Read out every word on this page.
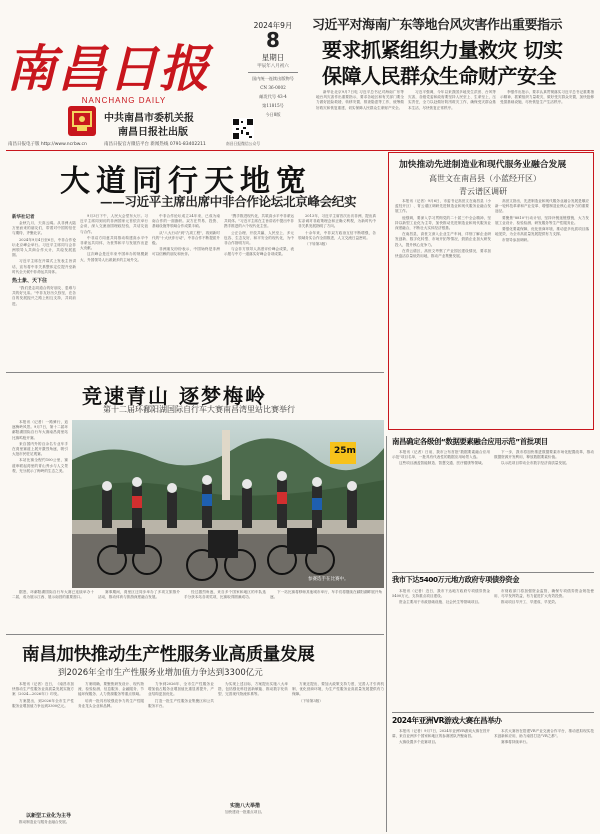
南昌日报
NANCHANG DAILY
中共南昌市委机关报
南昌日报社出版
南昌日报电子版 http://www.ncrbw.cn	南昌日报官方微信平台 新闻热线 0791-83402211
2024年9月
8
星期日
甲辰年八月初六
国内统一连续出版物号
CN 36-0002
邮发代号 43-4
第11815号
今日8版
南昌日报微信公众号
习近平对海南广东等地台风灾害作出重要指示
要求抓紧组织力量救灾 切实
保障人民群众生命财产安全
新华社北京9月7日电 习近平总书记对海南广东等地台风灾害作出重要指示，要求各地区和有关部门要全力做好抢险救援、转移安置、排查隐患等工作，统筹做好救灾和恢复重建，切实保障人民群众生命财产安全。
习近平强调，今年以来我国多地发生洪涝、台风等灾害，各级党委和政府要坚持人民至上、生命至上，压实责任，全力以赴做好防汛救灾工作，确保受灾群众基本生活，尽快恢复正常秩序。
李强作出批示，要求认真贯彻落实习近平总书记重要指示精神，抓紧组织力量救灾，做好受灾群众安置，加快抢修受损基础设施，尽快恢复生产生活秩序。
大道同行天地宽
——习近平主席出席中非合作论坛北京峰会纪实
新华社记者
金秋九月，天高云阔。从非洲大陆万里而来的朋友们，带着对中国的信任与期待，齐聚北京。
2024年9月4日至6日，中非合作论坛北京峰会举行。习近平主席同与会非洲领导人共商合作大计，共绘发展蓝图。
习近平主席在开幕式上发表主旨讲话，宣布将中非关系整体定位提升至新时代全天候中非命运共同体。
热土象、天下往
"我们是志同道合的好朋友、患难与共的好兄弟。"中非友好历久弥坚，在各自的发展振兴之路上相互支持，共同前进。
9月3日下午，人民大会堂东大厅。习近平主席同到访的非洲国家元首依次举行会谈，深入交流治国理政经验，共话友谊与合作。
中非双方同意共同推动构建高水平中非命运共同体，为世界和平与发展作出更大贡献。
这次峰会是近年来中国举办的规模最大、外国领导人出席最多的主场外交。
中非合作论坛成立24年来，已成为南南合作的一面旗帜。双方在贸易、投资、基础设施等领域合作成果丰硕。
从"八大行动"到"九项工程"，再到新时代的"十大伙伴行动"，中非合作不断提质升级。
非洲朋友纷纷表示，中国始终是非洲可以信赖的朋友和伙伴。
"携手推进现代化，共筑高水平中非命运共同体。"习近平主席在主旨讲话中提出中非携手推进的六个现代化主张。
公正合理、开放共赢、人民至上、多元包容、生态友好、和平安全的现代化，为中非合作指明方向。
与会非方领导人高度评价峰会成果，表示愿与中方一道落实好峰会各项成果。
2013年，习近平主席首次出访非洲，提出真实亲诚对非政策理念和正确义利观，为新时代中非关系发展指明了方向。
十余年来，中非双方政治互信不断增强，各领域务实合作全面推进，人文交流日益密切。
（下转第3版）
加快推动先进制造业和现代服务业融合发展
高世文在南昌县（小蓝经开区）
青云谱区调研
本报讯（记者）9月6日，市委书记高世文在南昌县（小蓝经开区）、青云谱区调研先进制造业和现代服务业融合发展工作。
他强调，要深入学习贯彻党的二十届三中全会精神，坚持以新型工业化为主导，加快推动先进制造业和现代服务业深度融合，不断壮大实体经济根基。
在南昌县，高世文深入企业生产车间，详细了解企业研发创新、数字化转型、市场开拓等情况，鼓励企业加大研发投入，提升核心竞争力。
在青云谱区，高世文考察了产业园区建设情况，要求加快盘活存量低效用地，推动产业集聚发展。
高世文指出，先进制造业和现代服务业融合发展是顺应新一轮科技革命和产业变革、增强制造业核心竞争力的重要途径。
要聚焦"8810"行动计划，坚持补链延链强链，大力发展工业设计、检验检测、研发服务等生产性服务业。
要强化要素保障，优化营商环境，推动更多优质项目落地见效，为全市高质量发展提供有力支撑。
市领导参加调研。
竞速青山 逐梦梅岭
第十二届环鄱阳湖国际自行车大赛南昌湾里站比赛举行
本报讯（记者）一路骑行，追逐梅岭风景。9月7日，第十二届环鄱阳湖国际自行车大赛南昌湾里站比赛鸣枪开赛。
来自国内外的百余名专业车手在湾里赛道上展开激烈角逐，吸引大批市民驻足观赛。
本站比赛全程约100公里，赛道串联起湾里的青山秀水与人文景观，充分展示了梅岭的生态之美。
25m
参赛选手在比赛中。
据悉，环鄱阳湖国际自行车大赛已连续举办十二届，成为展示江西、展示南昌的重要窗口。
赛事期间，湾里区还同步举办了多项文旅推介活动，推动体育与旅游深度融合发展。
经过激烈角逐，来自多个国家和地区的车队选手分获本站各项奖项，比赛取得圆满成功。
下一站比赛将移师其他城市举行，车手们将继续在鄱阳湖畔展开角逐。
南昌加快推动生产性服务业高质量发展
到2026年全市生产性服务业增加值力争达到3300亿元
本报讯（记者）近日，《南昌市加快推动生产性服务业高质量发展实施方案（2024—2026年）》印发。
方案提出，到2026年全市生产性服务业增加值力争达到3300亿元。
以新型工业化为主导
推动制造业与服务业融合发展。
方案明确，要聚焦研发设计、现代物流、检验检测、信息服务、金融服务、节能环保服务、人力资源服务等重点领域。
培育一批具有较强竞争力的生产性服务业龙头企业和品牌。
力争到2026年，全市生产性服务业增加值占服务业增加值比重显著提升，产业结构更加优化。
打造一批生产性服务业集聚区和公共服务平台。
为实现上述目标，方案提出实施八大举措，包括强化科技创新赋能、推动数字化转型、完善现代物流体系等。
实施八大举措
加快建设一批重点项目。
方案还提出，要加大政策支持力度，完善人才引育机制，优化营商环境，为生产性服务业高质量发展提供有力保障。
（下转第3版）
南昌确定各级创“数据要素融合应用示范”首批项目
本报讯（记者）日前，我市公布首批"数据要素融合应用示范"项目名单，一批具有代表性的数据应用场景入选。
这些项目涵盖智能制造、智慧交通、医疗健康等领域。
下一步，我市将加快推进数据要素市场化配置改革，推动数据资源开发利用，释放数据要素价值。
以示范项目带动全市数字经济高质量发展。
我市下达5400万元地方政府专项债券资金
本报讯（记者）近日，我市下达地方政府专项债券资金5400万元，支持重点项目建设。
资金主要用于市政基础设施、社会民生等领域项目。
市财政部门将加强资金监管，确保专项债券资金规范使用、尽早发挥效益，有力促进扩大有效投资。
推动项目早开工、早建成、早见效。
2024年亚洲VR游戏大赛在昌举办
本报讯（记者）9月7日，2024年亚洲VR游戏大赛在昌开幕，来自亚洲多个国家和地区的参赛团队齐聚南昌。
大赛设置多个竞赛项目。
本次大赛旨在搭建VR产业交流合作平台，推动虚拟现实技术创新和应用，助力南昌打造"VR之都"。
赛事将持续举行。
